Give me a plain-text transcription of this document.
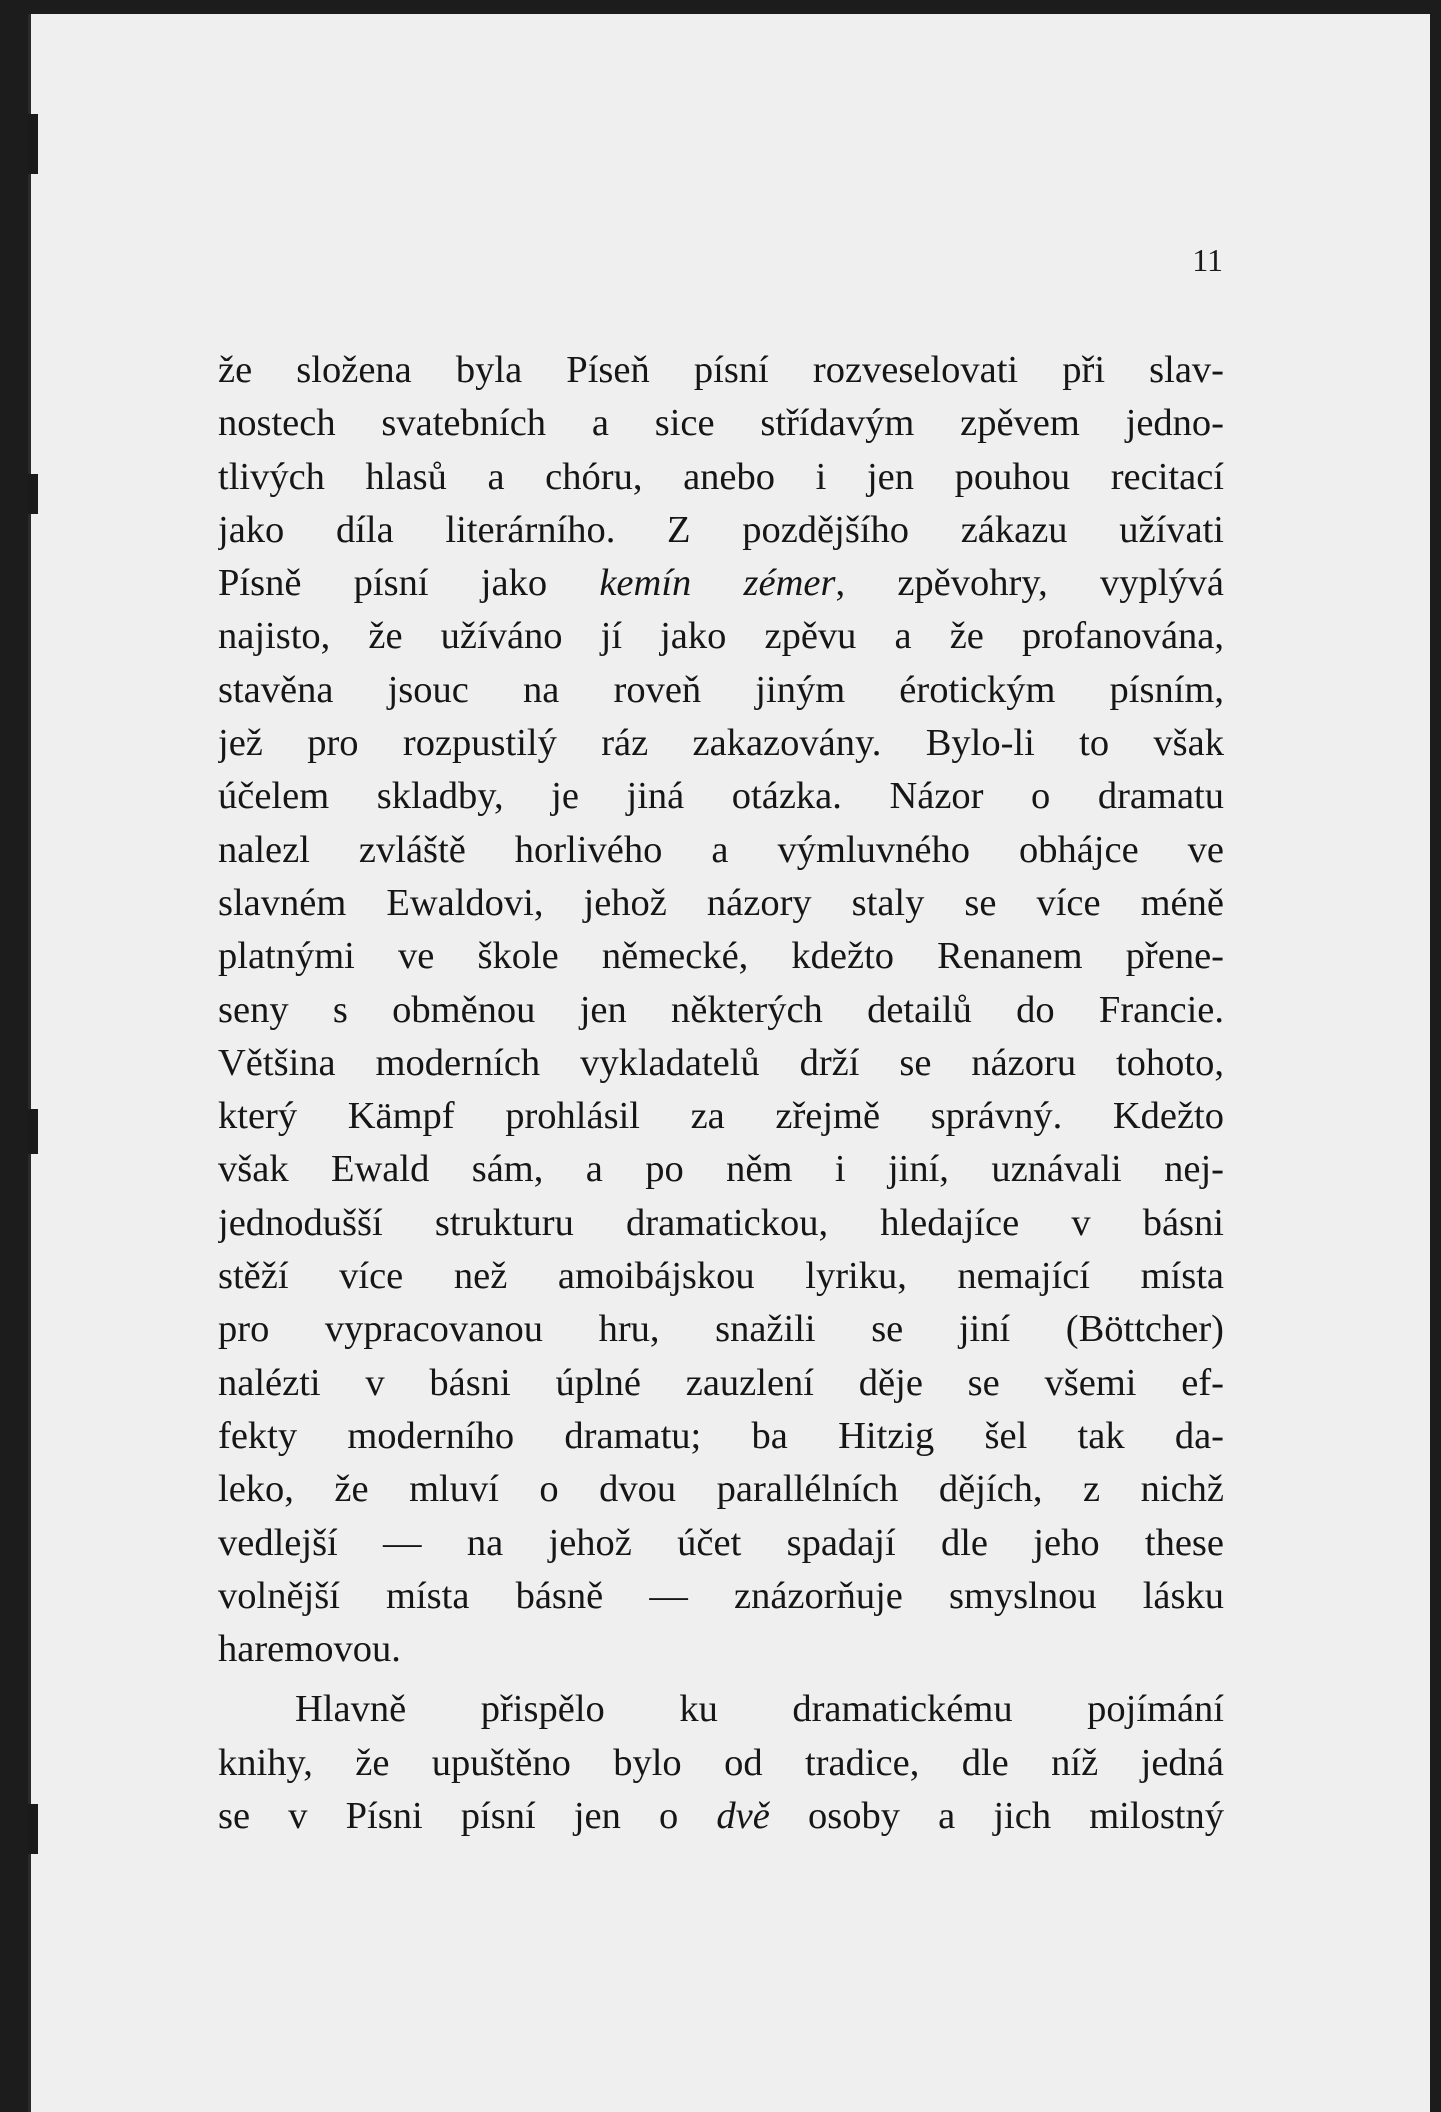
11
že složena byla Píseň písní rozveselovati při slav-
nostech svatebních a sice střídavým zpěvem jedno-
tlivých hlasů a chóru, anebo i jen pouhou recitací
jako díla literárního. Z pozdějšího zákazu užívati
Písně písní jako kemín zémer, zpěvohry, vyplývá
najisto, že užíváno jí jako zpěvu a že profanována,
stavěna jsouc na roveň jiným érotickým písním,
jež pro rozpustilý ráz zakazovány. Bylo-li to však
účelem skladby, je jiná otázka. Názor o dramatu
nalezl zvláště horlivého a výmluvného obhájce ve
slavném Ewaldovi, jehož názory staly se více méně
platnými ve škole německé, kdežto Renanem přene-
seny s obměnou jen některých detailů do Francie.
Většina moderních vykladatelů drží se názoru tohoto,
který Kämpf prohlásil za zřejmě správný. Kdežto
však Ewald sám, a po něm i jiní, uznávali nej-
jednodušší strukturu dramatickou, hledajíce v básni
stěží více než amoibájskou lyriku, nemající místa
pro vypracovanou hru, snažili se jiní (Böttcher)
nalézti v básni úplné zauzlení děje se všemi ef-
fekty moderního dramatu; ba Hitzig šel tak da-
leko, že mluví o dvou parallélních dějích, z nichž
vedlejší — na jehož účet spadají dle jeho these
volnější místa básně — znázorňuje smyslnou lásku
haremovou.
Hlavně přispělo ku dramatickému pojímání
knihy, že upuštěno bylo od tradice, dle níž jedná
se v Písni písní jen o dvě osoby a jich milostný
